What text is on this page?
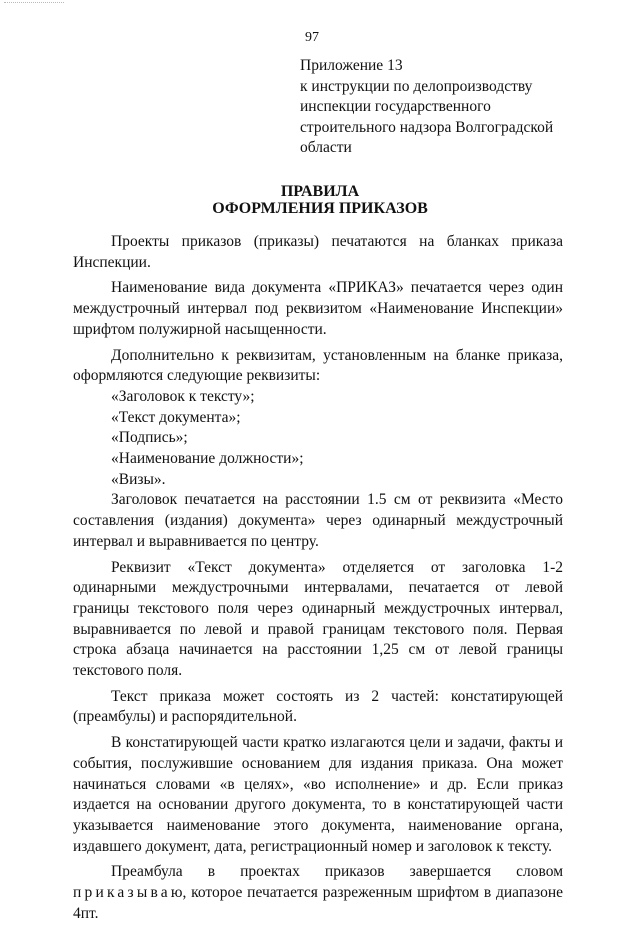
97
Приложение 13
к инструкции по делопроизводству
инспекции государственного
строительного надзора Волгоградской
области
ПРАВИЛА
ОФОРМЛЕНИЯ ПРИКАЗОВ

Проекты приказов (приказы) печатаются на бланках приказа Инспекции.

Наименование вида документа «ПРИКАЗ» печатается через один междустрочный интервал под реквизитом «Наименование Инспекции» шрифтом полужирной насыщенности.

Дополнительно к реквизитам, установленным на бланке приказа, оформляются следующие реквизиты:

«Заголовок к тексту»;

«Текст документа»;

«Подпись»;

«Наименование должности»;

«Визы».

Заголовок печатается на расстоянии 1.5 см от реквизита «Место составления (издания) документа» через одинарный междустрочный интервал и выравнивается по центру.

Реквизит «Текст документа» отделяется от заголовка 1-2 одинарными междустрочными интервалами, печатается от левой границы текстового поля через одинарный междустрочных интервал, выравнивается по левой и правой границам текстового поля. Первая строка абзаца начинается на расстоянии 1,25 см от левой границы текстового поля.

Текст приказа может состоять из 2 частей: констатирующей (преамбулы) и распорядительной.

В констатирующей части кратко излагаются цели и задачи, факты и события, послужившие основанием для издания приказа. Она может начинаться словами «в целях», «во исполнение» и др. Если приказ издается на основании другого документа, то в констатирующей части указывается наименование этого документа, наименование органа, издавшего документ, дата, регистрационный номер и заголовок к тексту.

Преамбула в проектах приказов завершается словом приказываю, которое печатается разреженным шрифтом в диапазоне 4пт.
